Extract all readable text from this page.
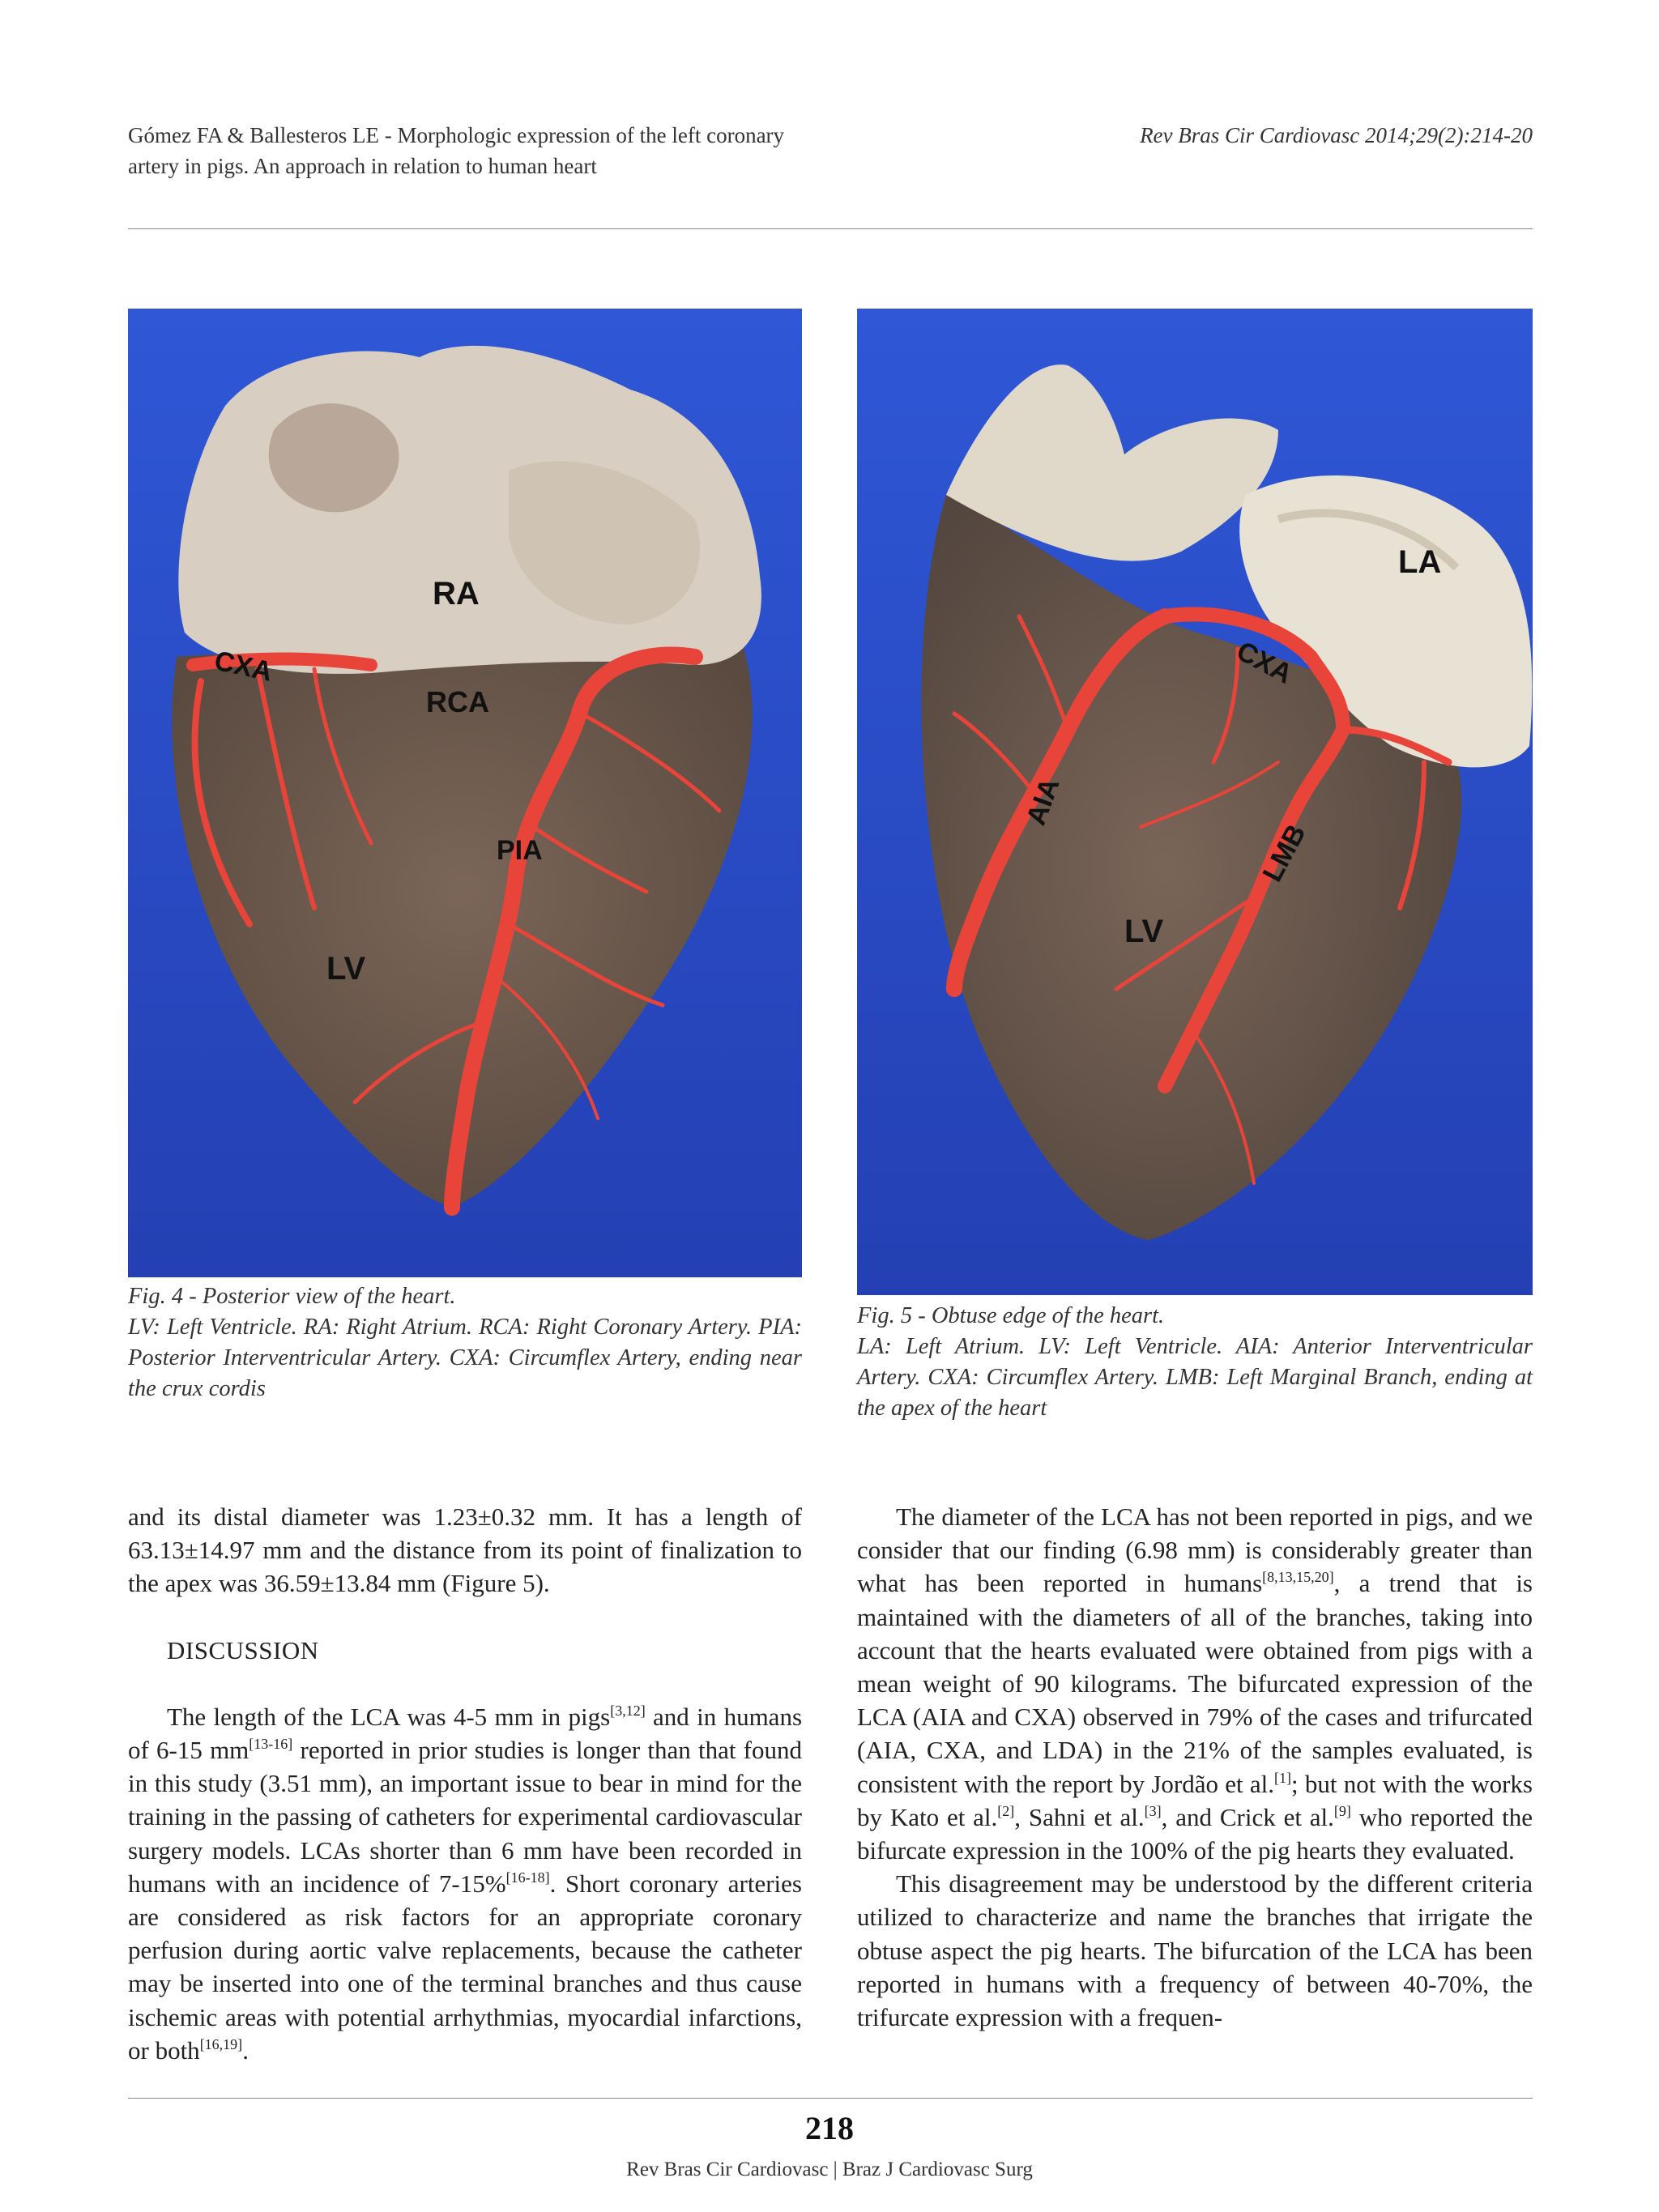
Gómez FA & Ballesteros LE - Morphologic expression of the left coronary
artery in pigs. An approach in relation to human heart
Rev Bras Cir Cardiovasc 2014;29(2):214-20
RA
RCA
CXA
PIA
LV

Fig. 4 - Posterior view of the heart.

LV: Left Ventricle. RA: Right Atrium. RCA: Right Coronary Artery. PIA: Posterior Interventricular Artery. CXA: Circumflex Artery, ending near the crux cordis

LA
CXA
AIA
LMB
LV

Fig. 5 - Obtuse edge of the heart.

LA: Left Atrium. LV: Left Ventricle. AIA: Anterior Interventricular Artery. CXA: Circumflex Artery. LMB: Left Marginal Branch, ending at the apex of the heart

and its distal diameter was 1.23±0.32 mm. It has a length of 63.13±14.97 mm and the distance from its point of finalization to the apex was 36.59±13.84 mm (Figure 5).

DISCUSSION

The length of the LCA was 4-5 mm in pigs[3,12] and in humans of 6-15 mm[13-16] reported in prior studies is longer than that found in this study (3.51 mm), an important issue to bear in mind for the training in the passing of catheters for experimental cardiovascular surgery models. LCAs shorter than 6 mm have been recorded in humans with an incidence of 7-15%[16-18]. Short coronary arteries are considered as risk factors for an appropriate coronary perfusion during aortic valve replacements, because the catheter may be inserted into one of the terminal branches and thus cause ischemic areas with potential arrhythmias, myocardial infarctions, or both[16,19].

The diameter of the LCA has not been reported in pigs, and we consider that our finding (6.98 mm) is considerably greater than what has been reported in humans[8,13,15,20], a trend that is maintained with the diameters of all of the branches, taking into account that the hearts evaluated were obtained from pigs with a mean weight of 90 kilograms. The bifurcated expression of the LCA (AIA and CXA) observed in 79% of the cases and trifurcated (AIA, CXA, and LDA) in the 21% of the samples evaluated, is consistent with the report by Jordão et al.[1]; but not with the works by Kato et al.[2], Sahni et al.[3], and Crick et al.[9] who reported the bifurcate expression in the 100% of the pig hearts they evaluated.

This disagreement may be understood by the different criteria utilized to characterize and name the branches that irrigate the obtuse aspect the pig hearts. The bifurcation of the LCA has been reported in humans with a frequency of between 40-70%, the trifurcate expression with a frequen-

218
Rev Bras Cir Cardiovasc | Braz J Cardiovasc Surg
